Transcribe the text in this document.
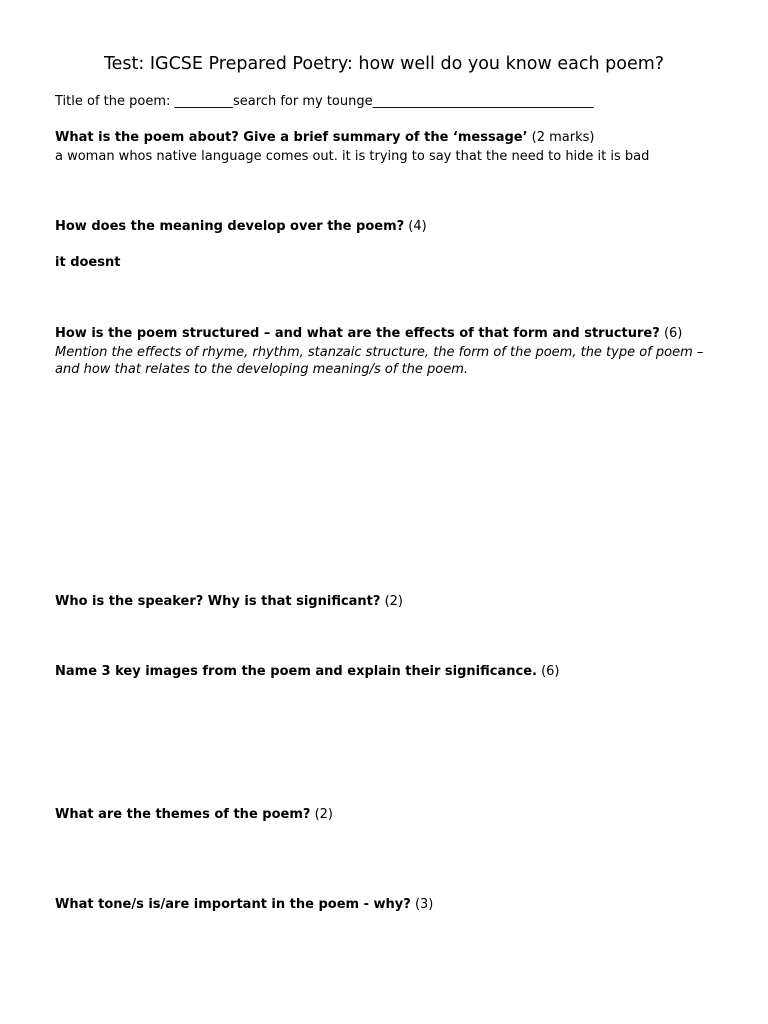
Test: IGCSE Prepared Poetry: how well do you know each poem?
Title of the poem: _________search for my tounge__________________________________
What is the poem about? Give a brief summary of the ‘message’ (2 marks)
a woman whos native language comes out. it is trying to say that the need to hide it is bad
How does the meaning develop over the poem? (4)
it doesnt
How is the poem structured – and what are the effects of that form and structure? (6)
Mention the effects of rhyme, rhythm, stanzaic structure, the form of the poem, the type of poem – and how that relates to the developing meaning/s of the poem.
Who is the speaker? Why is that significant? (2)
Name 3 key images from the poem and explain their significance. (6)
What are the themes of the poem? (2)
What tone/s is/are important in the poem - why? (3)
